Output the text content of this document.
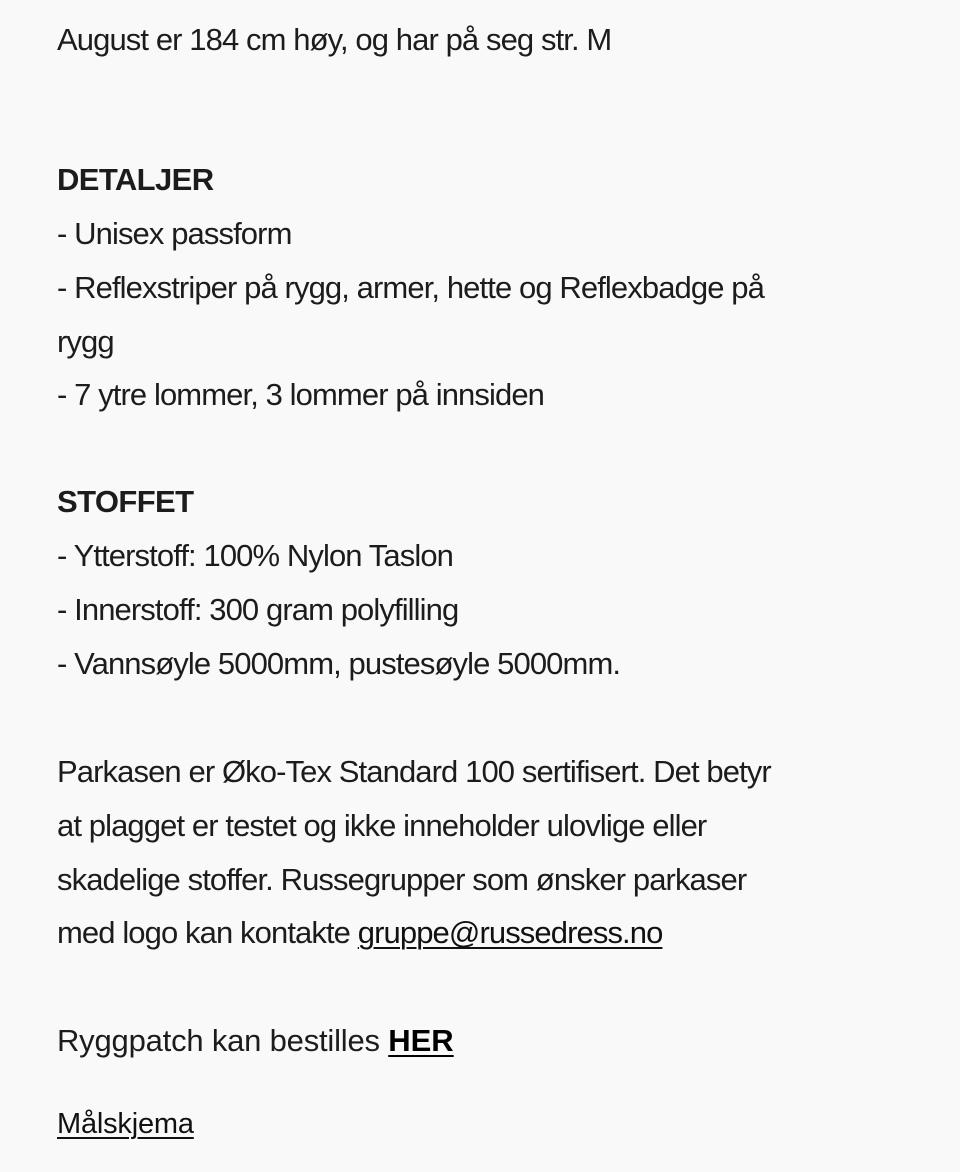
August er 184 cm høy, og har på seg str. M
DETALJER
- Unisex passform
- Reflexstriper på rygg, armer, hette og Reflexbadge på
rygg
- 7 ytre lommer, 3 lommer på innsiden
STOFFET
- Ytterstoff: 100% Nylon Taslon
- Innerstoff: 300 gram polyfilling
- Vannsøyle 5000mm, pustesøyle 5000mm.
Parkasen er Øko-Tex Standard 100 sertifisert. Det betyr
at plagget er testet og ikke inneholder ulovlige eller
skadelige stoffer. Russegrupper som ønsker parkaser
med logo kan kontakte gruppe@russedress.no
Ryggpatch kan bestilles HER
Målskjema
